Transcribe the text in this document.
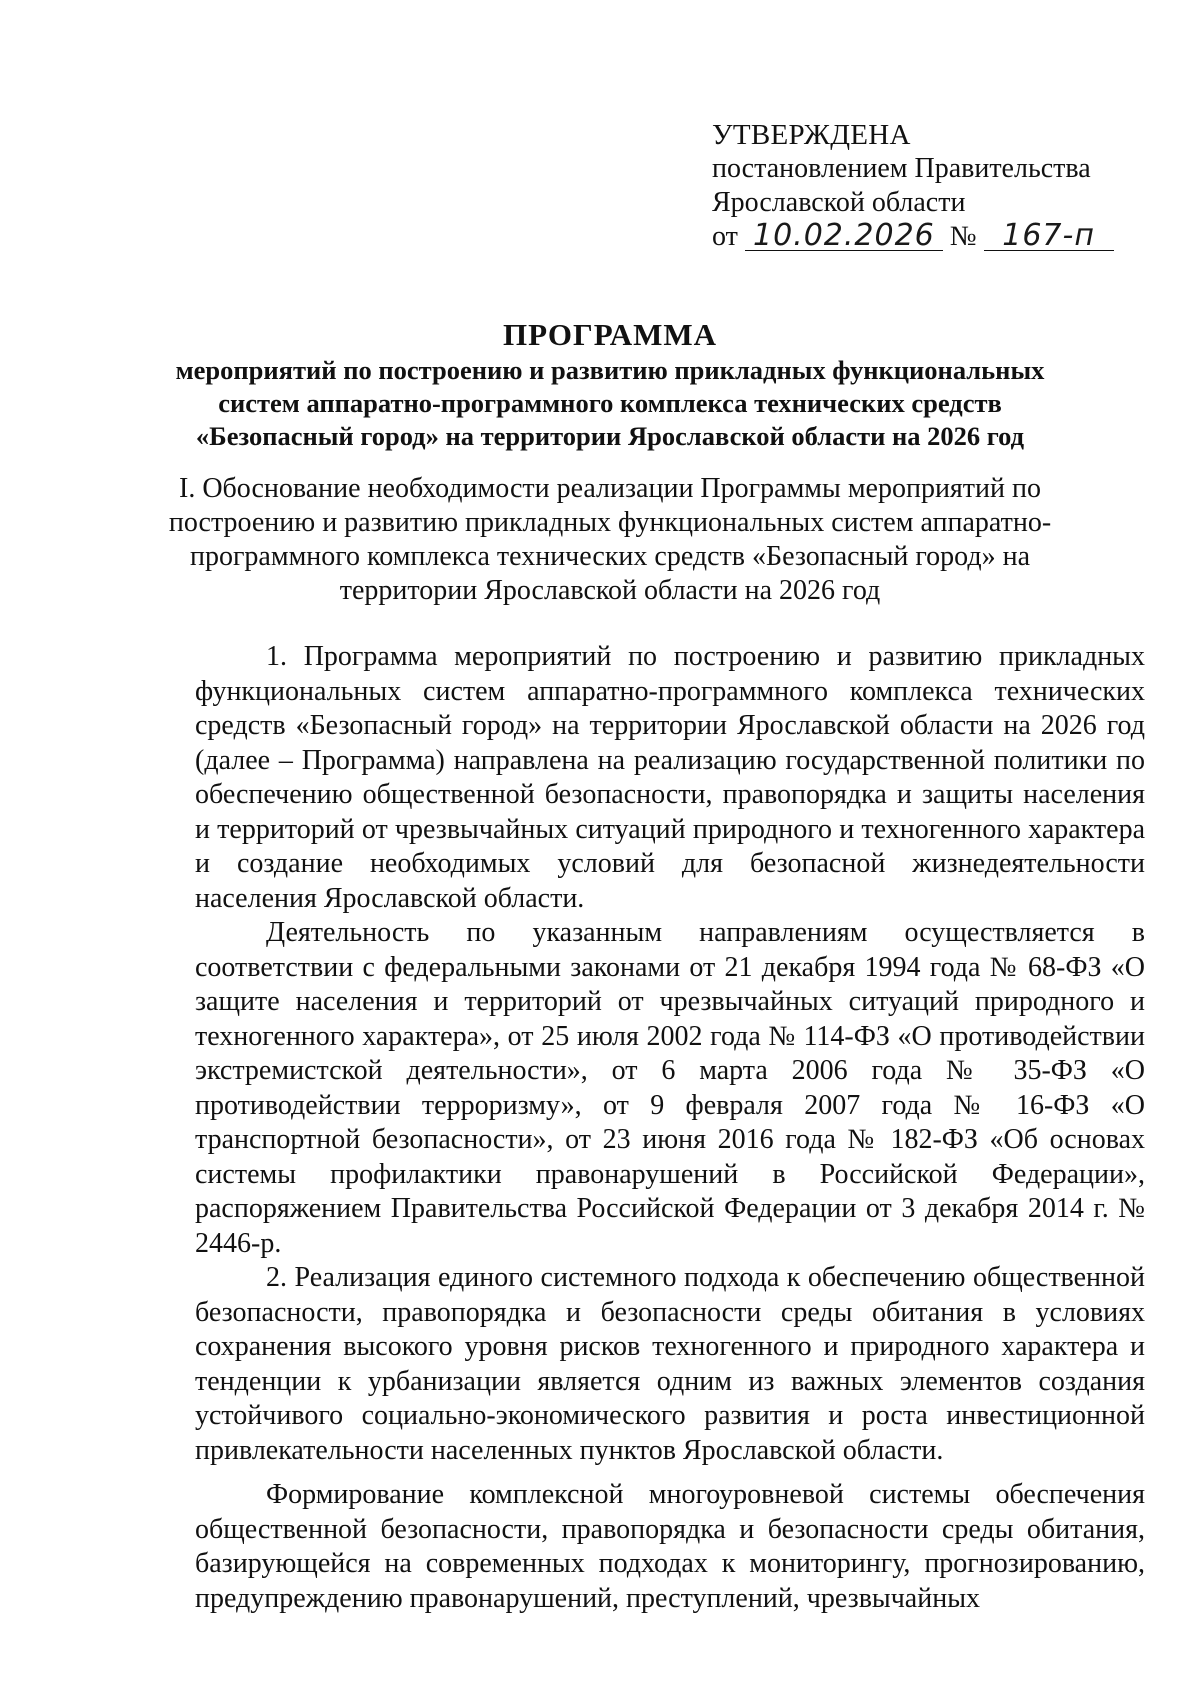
УТВЕРЖДЕНА
постановлением Правительства
Ярославской области
от 10.02.2026 № 167-п
ПРОГРАММА
мероприятий по построению и развитию прикладных функциональных систем аппаратно-программного комплекса технических средств «Безопасный город» на территории Ярославской области на 2026 год
I. Обоснование необходимости реализации Программы мероприятий по построению и развитию прикладных функциональных систем аппаратно-программного комплекса технических средств «Безопасный город» на территории Ярославской области на 2026 год

1. Программа мероприятий по построению и развитию прикладных функциональных систем аппаратно-программного комплекса технических средств «Безопасный город» на территории Ярославской области на 2026 год (далее – Программа) направлена на реализацию государственной политики по обеспечению общественной безопасности, правопорядка и защиты населения и территорий от чрезвычайных ситуаций природного и техногенного характера и создание необходимых условий для безопасной жизнедеятельности населения Ярославской области.

Деятельность по указанным направлениям осуществляется в соответствии с федеральными законами от 21 декабря 1994 года № 68-ФЗ «О защите населения и территорий от чрезвычайных ситуаций природного и техногенного характера», от 25 июля 2002 года № 114-ФЗ «О противодействии экстремистской деятельности», от 6 марта 2006 года № 35-ФЗ «О противодействии терроризму», от 9 февраля 2007 года № 16-ФЗ «О транспортной безопасности», от 23 июня 2016 года № 182-ФЗ «Об основах системы профилактики правонарушений в Российской Федерации», распоряжением Правительства Российской Федерации от 3 декабря 2014 г. № 2446-р.

2. Реализация единого системного подхода к обеспечению общественной безопасности, правопорядка и безопасности среды обитания в условиях сохранения высокого уровня рисков техногенного и природного характера и тенденции к урбанизации является одним из важных элементов создания устойчивого социально-экономического развития и роста инвестиционной привлекательности населенных пунктов Ярославской области.

Формирование комплексной многоуровневой системы обеспечения общественной безопасности, правопорядка и безопасности среды обитания, базирующейся на современных подходах к мониторингу, прогнозированию, предупреждению правонарушений, преступлений, чрезвычайных
